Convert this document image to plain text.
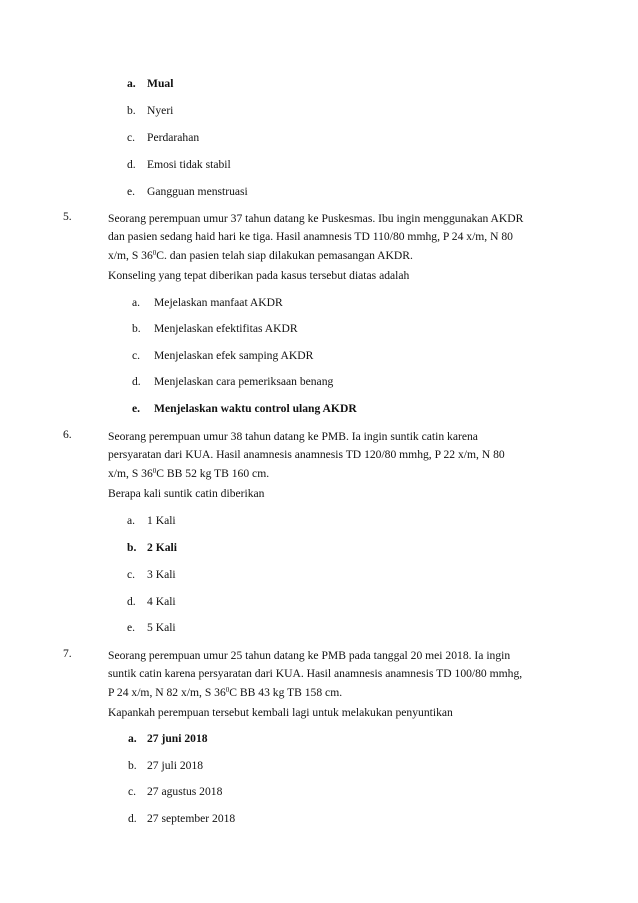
a. Mual
b. Nyeri
c. Perdarahan
d. Emosi tidak stabil
e. Gangguan menstruasi
5.	Seorang perempuan umur 37 tahun datang ke Puskesmas. Ibu ingin menggunakan AKDR
dan pasien sedang haid hari ke tiga. Hasil anamnesis TD 110/80 mmhg, P 24 x/m, N 80
x/m, S $36^0C$. dan pasien telah siap dilakukan pemasangan AKDR.
Konseling yang tepat diberikan pada kasus tersebut diatas adalah
a. Mejelaskan manfaat AKDR
b. Menjelaskan efektifitas AKDR
c. Menjelaskan efek samping AKDR
d. Menjelaskan cara pemeriksaan benang
e. Menjelaskan waktu control ulang AKDR
6.	Seorang perempuan umur 38 tahun datang ke PMB. Ia ingin suntik catin karena
persyaratan dari KUA. Hasil anamnesis anamnesis TD 120/80 mmhg, P 22 x/m, N 80
x/m, S $36^0C$ BB 52 kg TB 160 cm.
Berapa kali suntik catin diberikan
a. 1 Kali
b. 2 Kali
c. 3 Kali
d. 4 Kali
e. 5 Kali
7.	Seorang perempuan umur 25 tahun datang ke PMB pada tanggal 20 mei 2018. Ia ingin
suntik catin karena persyaratan dari KUA. Hasil anamnesis anamnesis TD 100/80 mmhg,
P 24 x/m, N 82 x/m, S $36^0C$ BB 43 kg TB 158 cm.
Kapankah perempuan tersebut kembali lagi untuk melakukan penyuntikan
a. 27 juni 2018
b. 27 juli 2018
c. 27 agustus 2018
d. 27 september 2018
